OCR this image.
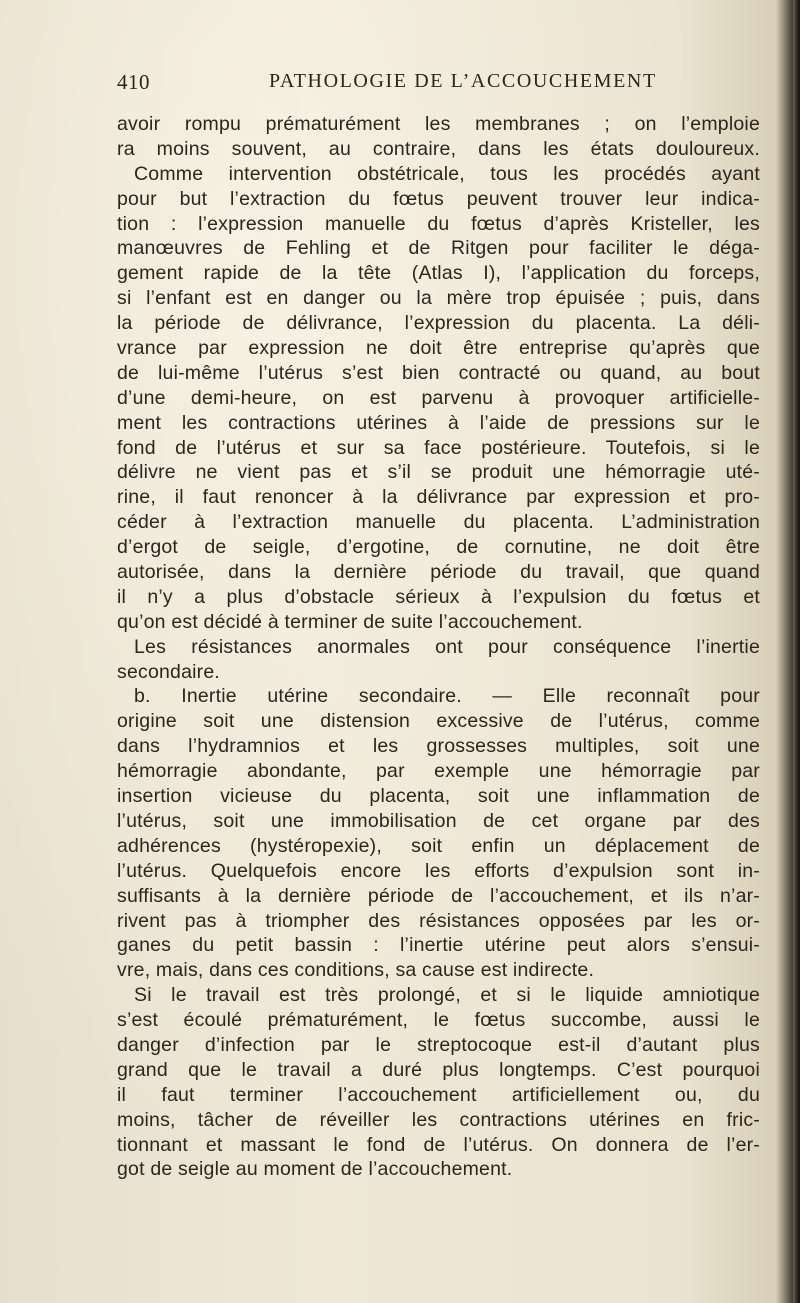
410	PATHOLOGIE DE L’ACCOUCHEMENT
avoir rompu prématurément les membranes ; on l’emploie
ra moins souvent, au contraire, dans les états douloureux.
Comme intervention obstétricale, tous les procédés ayant
pour but l’extraction du fœtus peuvent trouver leur indica-
tion : l’expression manuelle du fœtus d’après Kristeller, les
manœuvres de Fehling et de Ritgen pour faciliter le déga-
gement rapide de la tête (Atlas I), l’application du forceps,
si l’enfant est en danger ou la mère trop épuisée ; puis, dans
la période de délivrance, l’expression du placenta. La déli-
vrance par expression ne doit être entreprise qu’après que
de lui-même l’utérus s’est bien contracté ou quand, au bout
d’une demi-heure, on est parvenu à provoquer artificielle-
ment les contractions utérines à l’aide de pressions sur le
fond de l’utérus et sur sa face postérieure. Toutefois, si le
délivre ne vient pas et s’il se produit une hémorragie uté-
rine, il faut renoncer à la délivrance par expression et pro-
céder à l’extraction manuelle du placenta. L’administration
d’ergot de seigle, d’ergotine, de cornutine, ne doit être
autorisée, dans la dernière période du travail, que quand
il n’y a plus d’obstacle sérieux à l’expulsion du fœtus et
qu’on est décidé à terminer de suite l’accouchement.
Les résistances anormales ont pour conséquence l’inertie
secondaire.
b. Inertie utérine secondaire. — Elle reconnaît pour
origine soit une distension excessive de l’utérus, comme
dans l’hydramnios et les grossesses multiples, soit une
hémorragie abondante, par exemple une hémorragie par
insertion vicieuse du placenta, soit une inflammation de
l’utérus, soit une immobilisation de cet organe par des
adhérences (hystéropexie), soit enfin un déplacement de
l’utérus. Quelquefois encore les efforts d’expulsion sont in-
suffisants à la dernière période de l’accouchement, et ils n’ar-
rivent pas à triompher des résistances opposées par les or-
ganes du petit bassin : l’inertie utérine peut alors s’ensui-
vre, mais, dans ces conditions, sa cause est indirecte.
Si le travail est très prolongé, et si le liquide amniotique
s’est écoulé prématurément, le fœtus succombe, aussi le
danger d’infection par le streptocoque est-il d’autant plus
grand que le travail a duré plus longtemps. C’est pourquoi
il faut terminer l’accouchement artificiellement ou, du
moins, tâcher de réveiller les contractions utérines en fric-
tionnant et massant le fond de l’utérus. On donnera de l’er-
got de seigle au moment de l’accouchement.
